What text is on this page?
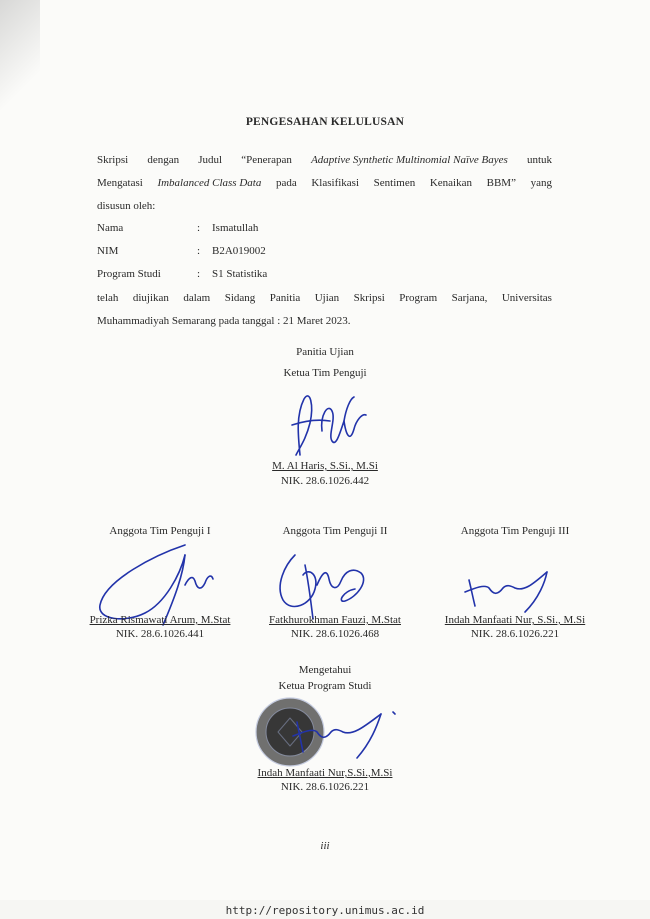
PENGESAHAN KELULUSAN
Skripsi dengan Judul “Penerapan Adaptive Synthetic Multinomial Naïve Bayes untuk
Mengatasi Imbalanced Class Data pada Klasifikasi Sentimen Kenaikan BBM” yang
disusun oleh:
Nama	: Ismatullah
NIM	: B2A019002
Program Studi	: S1 Statistika
telah diujikan dalam Sidang Panitia Ujian Skripsi Program Sarjana, Universitas
Muhammadiyah Semarang pada tanggal : 21 Maret 2023.
Panitia Ujian
Ketua Tim Penguji
M. Al Haris, S.Si., M.Si
NIK. 28.6.1026.442
Anggota Tim Penguji I	Anggota Tim Penguji II	Anggota Tim Penguji III
Prizka Rismawati Arum, M.Stat	Fatkhurokhman Fauzi, M.Stat	Indah Manfaati Nur, S.Si., M.Si
NIK. 28.6.1026.441	NIK. 28.6.1026.468	NIK. 28.6.1026.221
Mengetahui
Ketua Program Studi
Indah Manfaati Nur,S.Si.,M.Si
NIK. 28.6.1026.221
iii
http://repository.unimus.ac.id
